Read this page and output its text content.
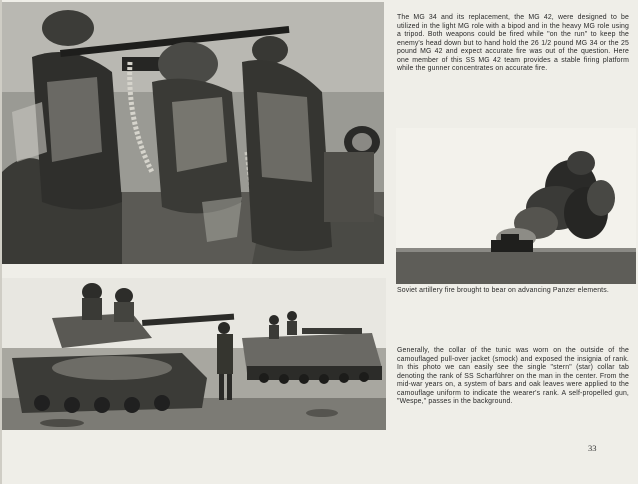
The MG 34 and its replacement, the MG 42, were designed to be utilized in the light MG role with a bipod and in the heavy MG role using a tripod. Both weapons could be fired while "on the run" to keep the enemy's head down but to hand hold the 26 1/2 pound MG 34 or the 25 pound MG 42 and expect accurate fire was out of the question. Here one member of this SS MG 42 team provides a stable firing platform while the gunner concentrates on accurate fire.
Soviet artillery fire brought to bear on advancing Panzer elements.
Generally, the collar of the tunic was worn on the outside of the camouflaged pull-over jacket (smock) and exposed the insignia of rank. In this photo we can easily see the single "stern" (star) collar tab denoting the rank of SS Scharführer on the man in the center. From the mid-war years on, a system of bars and oak leaves were applied to the camouflage uniform to indicate the wearer's rank. A self-propelled gun, "Wespe," passes in the background.
33
